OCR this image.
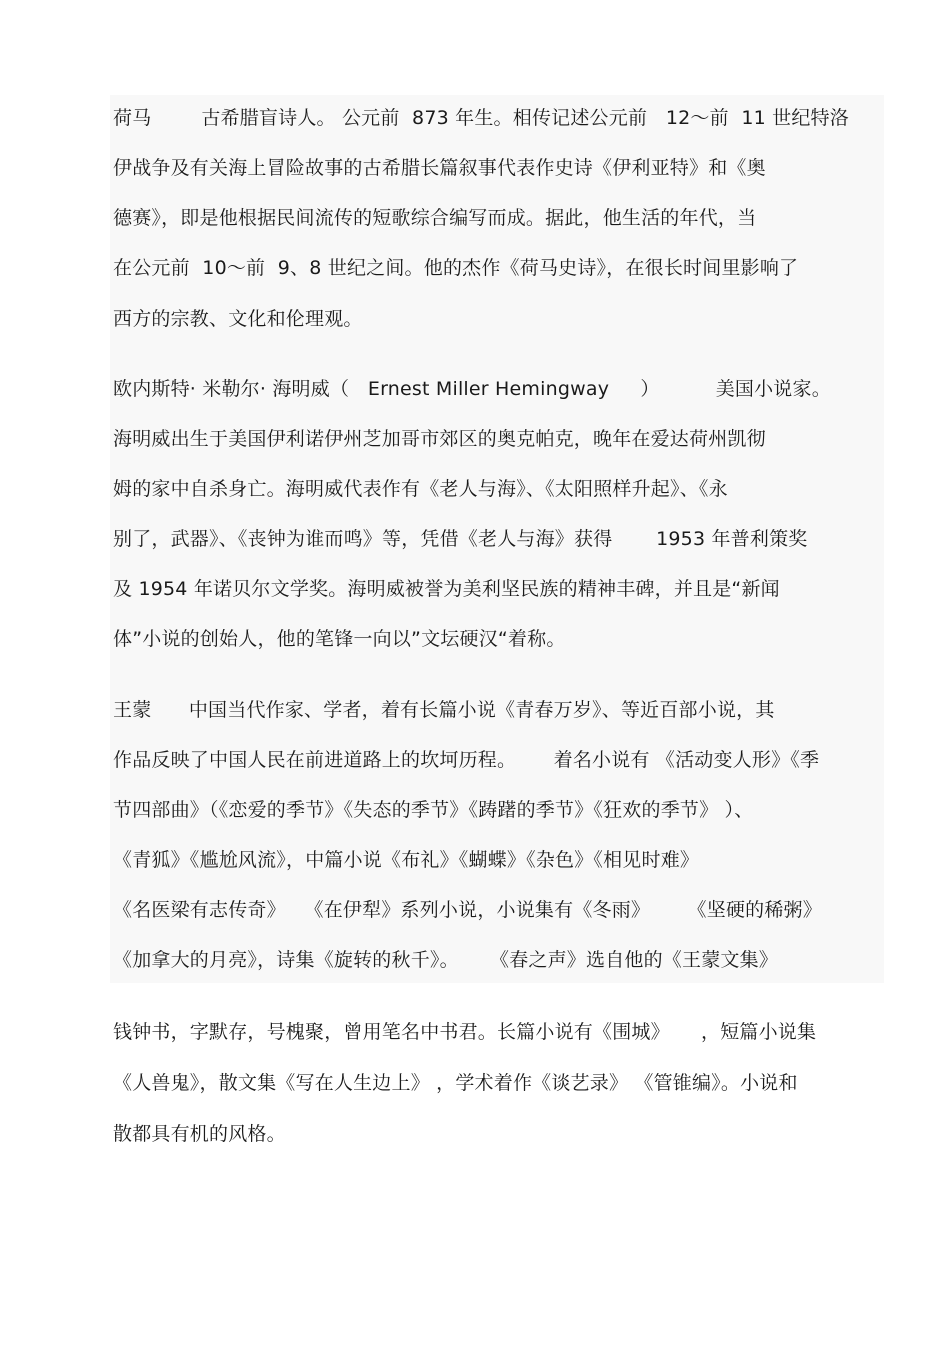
荷马        古希腊盲诗人。 公元前  873 年生。相传记述公元前   12～前  11 世纪特洛
伊战争及有关海上冒险故事的古希腊长篇叙事代表作史诗《伊利亚特》和《奥
德赛》，即是他根据民间流传的短歌综合编写而成。据此，他生活的年代，当
在公元前  10～前  9、8 世纪之间。他的杰作《荷马史诗》，在很长时间里影响了
西方的宗教、文化和伦理观。
欧内斯特· 米勒尔· 海明威（   Ernest Miller Hemingway     ）         美国小说家。
海明威出生于美国伊利诺伊州芝加哥市郊区的奥克帕克，晚年在爱达荷州凯彻
姆的家中自杀身亡。海明威代表作有《老人与海》、《太阳照样升起》、《永
别了，武器》、《丧钟为谁而鸣》等，凭借《老人与海》获得       1953 年普利策奖
及 1954 年诺贝尔文学奖。海明威被誉为美利坚民族的精神丰碑，并且是“新闻
体”小说的创始人，他的笔锋一向以”文坛硬汉“着称。
王蒙      中国当代作家、学者，着有长篇小说《青春万岁》、等近百部小说，其
作品反映了中国人民在前进道路上的坎坷历程。      着名小说有 《活动变人形》《季
节四部曲》（《恋爱的季节》《失态的季节》《踌躇的季节》《狂欢的季节》 ）、
《青狐》《尴尬风流》，中篇小说《布礼》《蝴蝶》《杂色》《相见时难》
《名医梁有志传奇》   《在伊犁》系列小说，小说集有《冬雨》      《坚硬的稀粥》
《加拿大的月亮》，诗集《旋转的秋千》。     《春之声》选自他的《王蒙文集》
钱钟书，字默存，号槐聚，曾用笔名中书君。长篇小说有《围城》     ，短篇小说集
《人兽鬼》，散文集《写在人生边上》 ，学术着作《谈艺录》 《管锥编》。小说和
散都具有机的风格。
